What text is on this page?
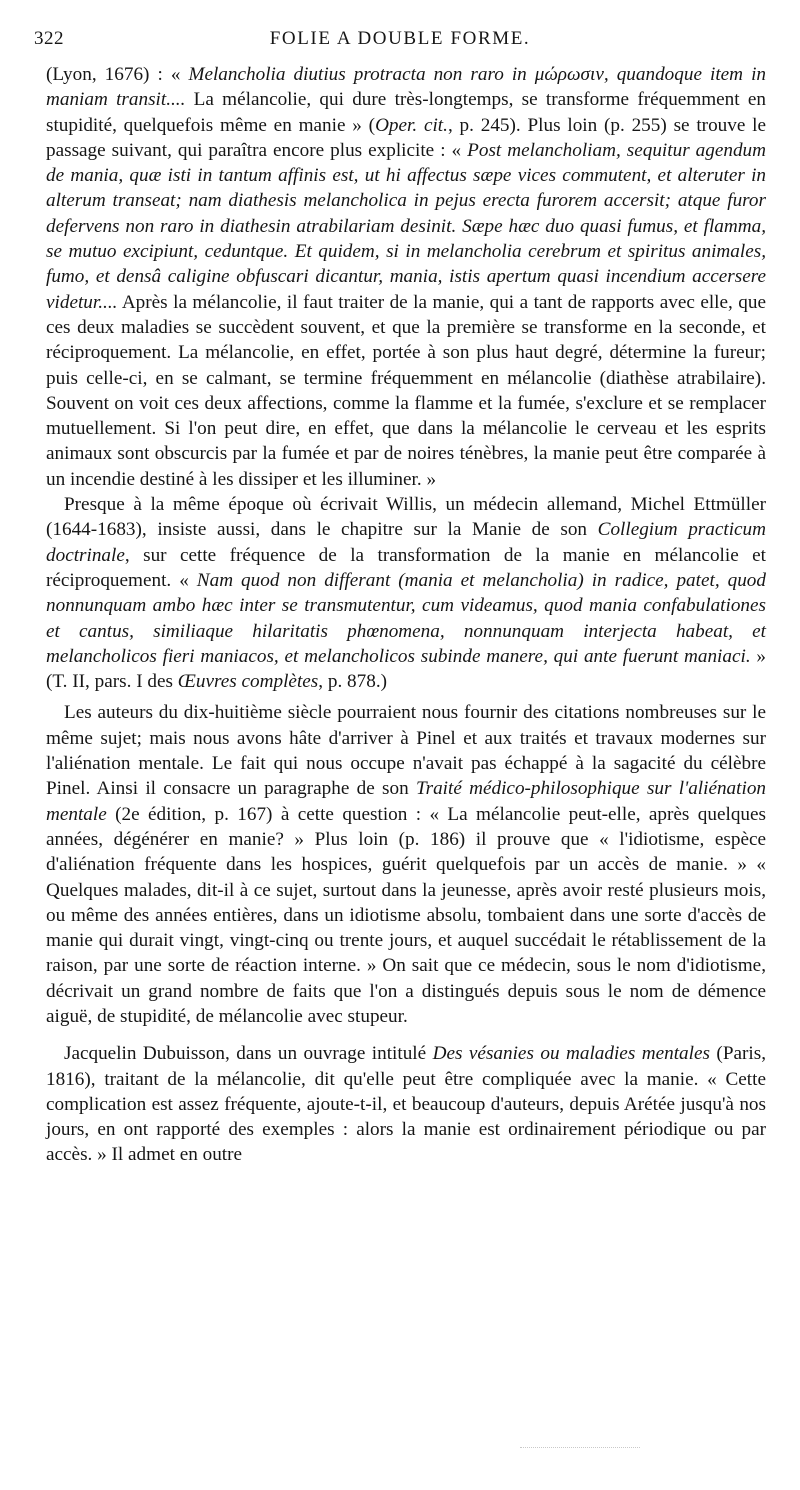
322	FOLIE A DOUBLE FORME.

(Lyon, 1676) : « Melancholia diutius protracta non raro in μώρωσιν, quandoque item in maniam transit.... La mélancolie, qui dure très-longtemps, se transforme fréquemment en stupidité, quelquefois même en manie » (Oper. cit., p. 245). Plus loin (p. 255) se trouve le passage suivant, qui paraîtra encore plus explicite : « Post melancholiam, sequitur agendum de mania, quæ isti in tantum affinis est, ut hi affectus sæpe vices commutent, et alteruter in alterum transeat; nam diathesis melancholica in pejus erecta furorem accersit; atque furor defervens non raro in diathesin atrabilariam desinit. Sæpe hæc duo quasi fumus, et flamma, se mutuo excipiunt, ceduntque. Et quidem, si in melancholia cerebrum et spiritus animales, fumo, et densâ caligine obfuscari dicantur, mania, istis apertum quasi incendium accersere videtur.... Après la mélancolie, il faut traiter de la manie, qui a tant de rapports avec elle, que ces deux maladies se succèdent souvent, et que la première se transforme en la seconde, et réciproquement. La mélancolie, en effet, portée à son plus haut degré, détermine la fureur; puis celle-ci, en se calmant, se termine fréquemment en mélancolie (diathèse atrabilaire). Souvent on voit ces deux affections, comme la flamme et la fumée, s'exclure et se remplacer mutuellement. Si l'on peut dire, en effet, que dans la mélancolie le cerveau et les esprits animaux sont obscurcis par la fumée et par de noires ténèbres, la manie peut être comparée à un incendie destiné à les dissiper et les illuminer. »

Presque à la même époque où écrivait Willis, un médecin allemand, Michel Ettmüller (1644-1683), insiste aussi, dans le chapitre sur la Manie de son Collegium practicum doctrinale, sur cette fréquence de la transformation de la manie en mélancolie et réciproquement. « Nam quod non differant (mania et melancholia) in radice, patet, quod nonnunquam ambo hæc inter se transmutentur, cum videamus, quod mania confabulationes et cantus, similiaque hilaritatis phœnomena, nonnunquam interjecta habeat, et melancholicos fieri maniacos, et melancholicos subinde manere, qui ante fuerunt maniaci. » (T. II, pars. I des Œuvres complètes, p. 878.)

Les auteurs du dix-huitième siècle pourraient nous fournir des citations nombreuses sur le même sujet; mais nous avons hâte d'arriver à Pinel et aux traités et travaux modernes sur l'aliénation mentale. Le fait qui nous occupe n'avait pas échappé à la sagacité du célèbre Pinel. Ainsi il consacre un paragraphe de son Traité médico-philosophique sur l'aliénation mentale (2e édition, p. 167) à cette question : « La mélancolie peut-elle, après quelques années, dégénérer en manie? » Plus loin (p. 186) il prouve que « l'idiotisme, espèce d'aliénation fréquente dans les hospices, guérit quelquefois par un accès de manie. » « Quelques malades, dit-il à ce sujet, surtout dans la jeunesse, après avoir resté plusieurs mois, ou même des années entières, dans un idiotisme absolu, tombaient dans une sorte d'accès de manie qui durait vingt, vingt-cinq ou trente jours, et auquel succédait le rétablissement de la raison, par une sorte de réaction interne. » On sait que ce médecin, sous le nom d'idiotisme, décrivait un grand nombre de faits que l'on a distingués depuis sous le nom de démence aiguë, de stupidité, de mélancolie avec stupeur.

Jacquelin Dubuisson, dans un ouvrage intitulé Des vésanies ou maladies mentales (Paris, 1816), traitant de la mélancolie, dit qu'elle peut être compliquée avec la manie. « Cette complication est assez fréquente, ajoute-t-il, et beaucoup d'auteurs, depuis Arétée jusqu'à nos jours, en ont rapporté des exemples : alors la manie est ordinairement périodique ou par accès. » Il admet en outre
